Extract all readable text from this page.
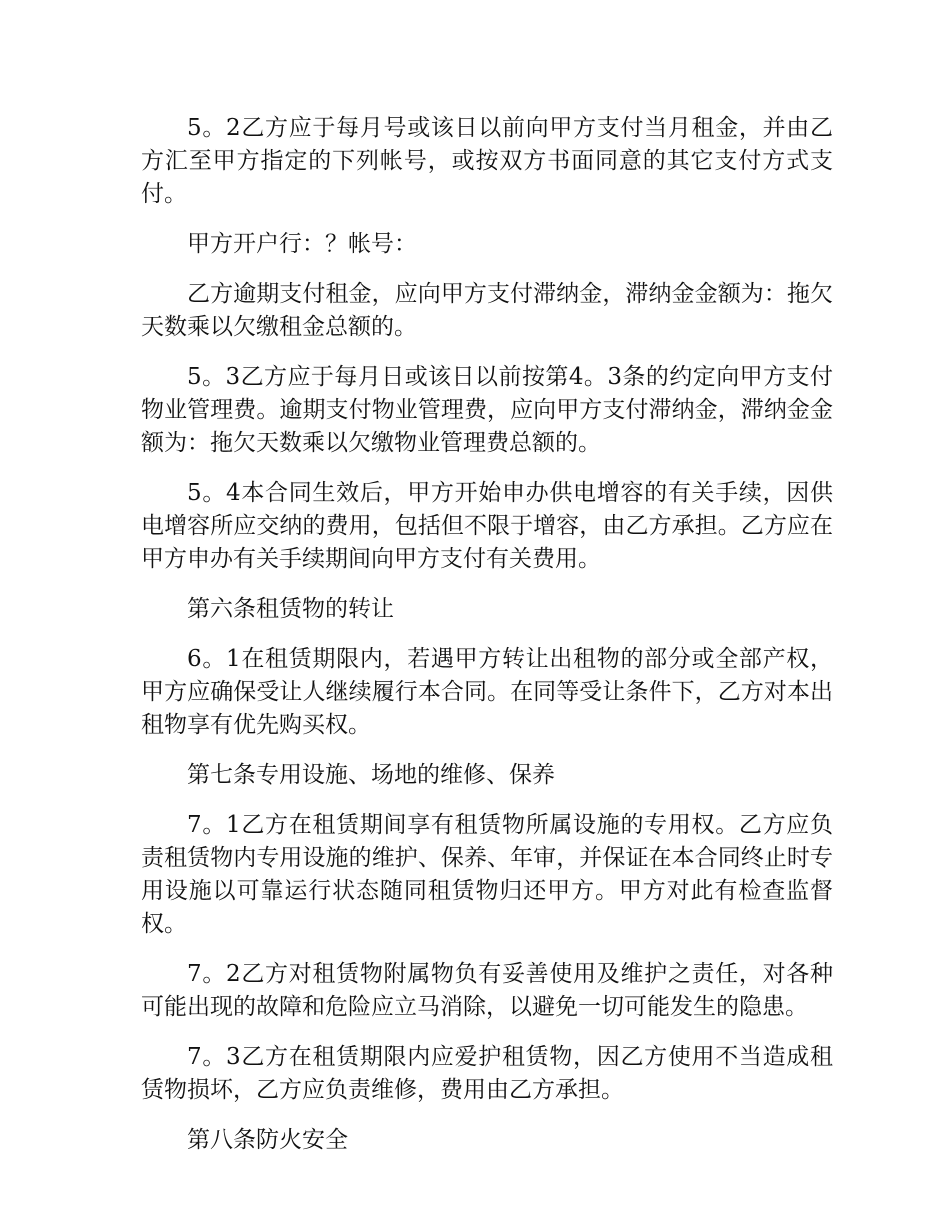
5。2乙方应于每月号或该日以前向甲方支付当月租金，并由乙方汇至甲方指定的下列帐号，或按双方书面同意的其它支付方式支付。

甲方开户行：？帐号：

乙方逾期支付租金，应向甲方支付滞纳金，滞纳金金额为：拖欠天数乘以欠缴租金总额的。

5。3乙方应于每月日或该日以前按第4。3条的约定向甲方支付物业管理费。逾期支付物业管理费，应向甲方支付滞纳金，滞纳金金额为：拖欠天数乘以欠缴物业管理费总额的。

5。4本合同生效后，甲方开始申办供电增容的有关手续，因供电增容所应交纳的费用，包括但不限于增容，由乙方承担。乙方应在甲方申办有关手续期间向甲方支付有关费用。

第六条租赁物的转让

6。1在租赁期限内，若遇甲方转让出租物的部分或全部产权，甲方应确保受让人继续履行本合同。在同等受让条件下，乙方对本出租物享有优先购买权。

第七条专用设施、场地的维修、保养

7。1乙方在租赁期间享有租赁物所属设施的专用权。乙方应负责租赁物内专用设施的维护、保养、年审，并保证在本合同终止时专用设施以可靠运行状态随同租赁物归还甲方。甲方对此有检查监督权。

7。2乙方对租赁物附属物负有妥善使用及维护之责任，对各种可能出现的故障和危险应立马消除，以避免一切可能发生的隐患。

7。3乙方在租赁期限内应爱护租赁物，因乙方使用不当造成租赁物损坏，乙方应负责维修，费用由乙方承担。

第八条防火安全
